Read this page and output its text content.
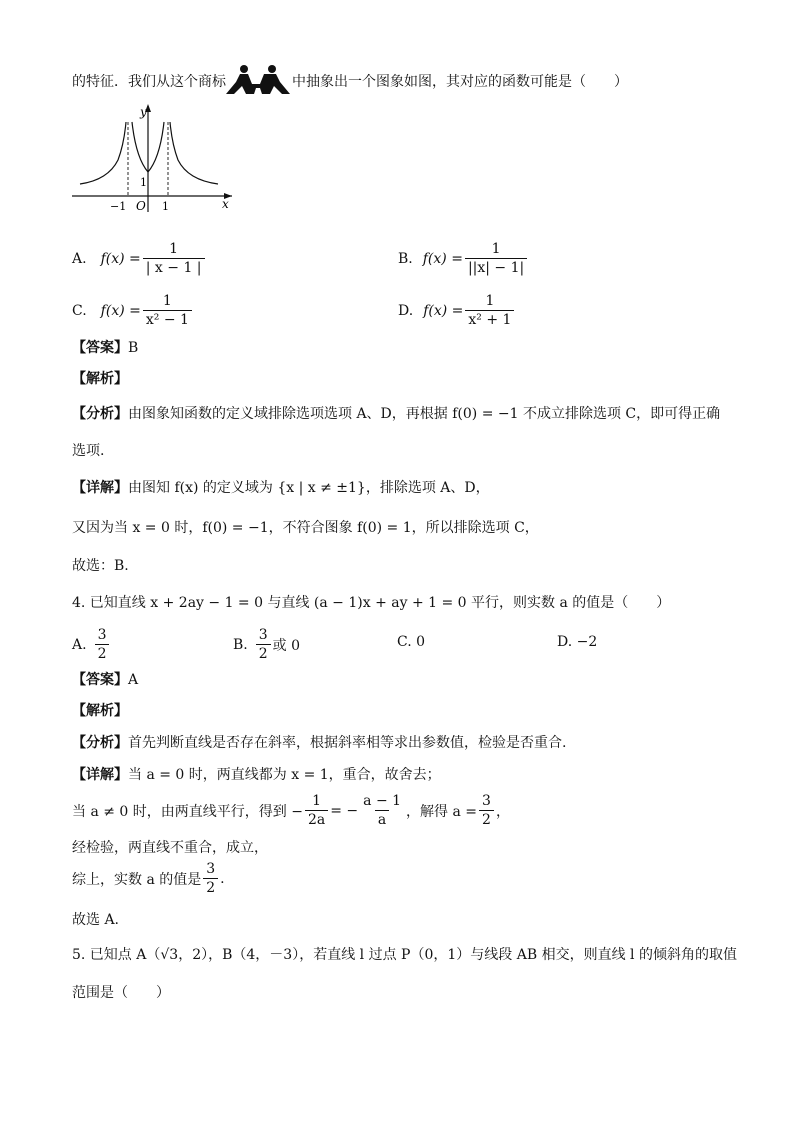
的特征．我们从这个商标	中抽象出一个图象如图，其对应的函数可能是（　　）
y
x
O
−1	1
1
A. $f(x) = \frac{1}{| x - 1 |}$	B. $f(x) = \frac{1}{||x| - 1|}$
C. $f(x) = \frac{1}{\text{x² − 1}}$	D. $f(x) = \frac{1}{\text{x² + 1}}$
【答案】B
【解析】
【分析】由图象知函数的定义域排除选项选项 A、D，再根据 f(0) = −1 不成立排除选项 C，即可得正确
选项.
【详解】由图知 f(x) 的定义域为 {x | x ≠ ±1}，排除选项 A、D，
又因为当 x = 0 时，f(0) = −1，不符合图象 f(0) = 1，所以排除选项 C，
故选：B.
4. 已知直线 x + 2ay − 1 = 0 与直线 (a − 1)x + ay + 1 = 0 平行，则实数 a 的值是（　　）
A. $\frac{3}{2}$	B. $\frac{3}{2}$ 或 0	C. 0	D. −2
【答案】A
【解析】
【分析】首先判断直线是否存在斜率，根据斜率相等求出参数值，检验是否重合.
【详解】当 a = 0 时，两直线都为 x = 1，重合，故舍去；
当 a ≠ 0 时，由两直线平行，得到 − $\frac{1}{2a}$ = − $\frac{a - 1}{a}$ ，解得 $a = \frac{3}{2}$ ，
经检验，两直线不重合，成立，
综上，实数 a 的值是 $\frac{3}{2}$ .
故选 A.
5. 已知点 A（√3，2），B（4，－3），若直线 l 过点 P（0，1）与线段 AB 相交，则直线 l 的倾斜角的取值
范围是（　　）
